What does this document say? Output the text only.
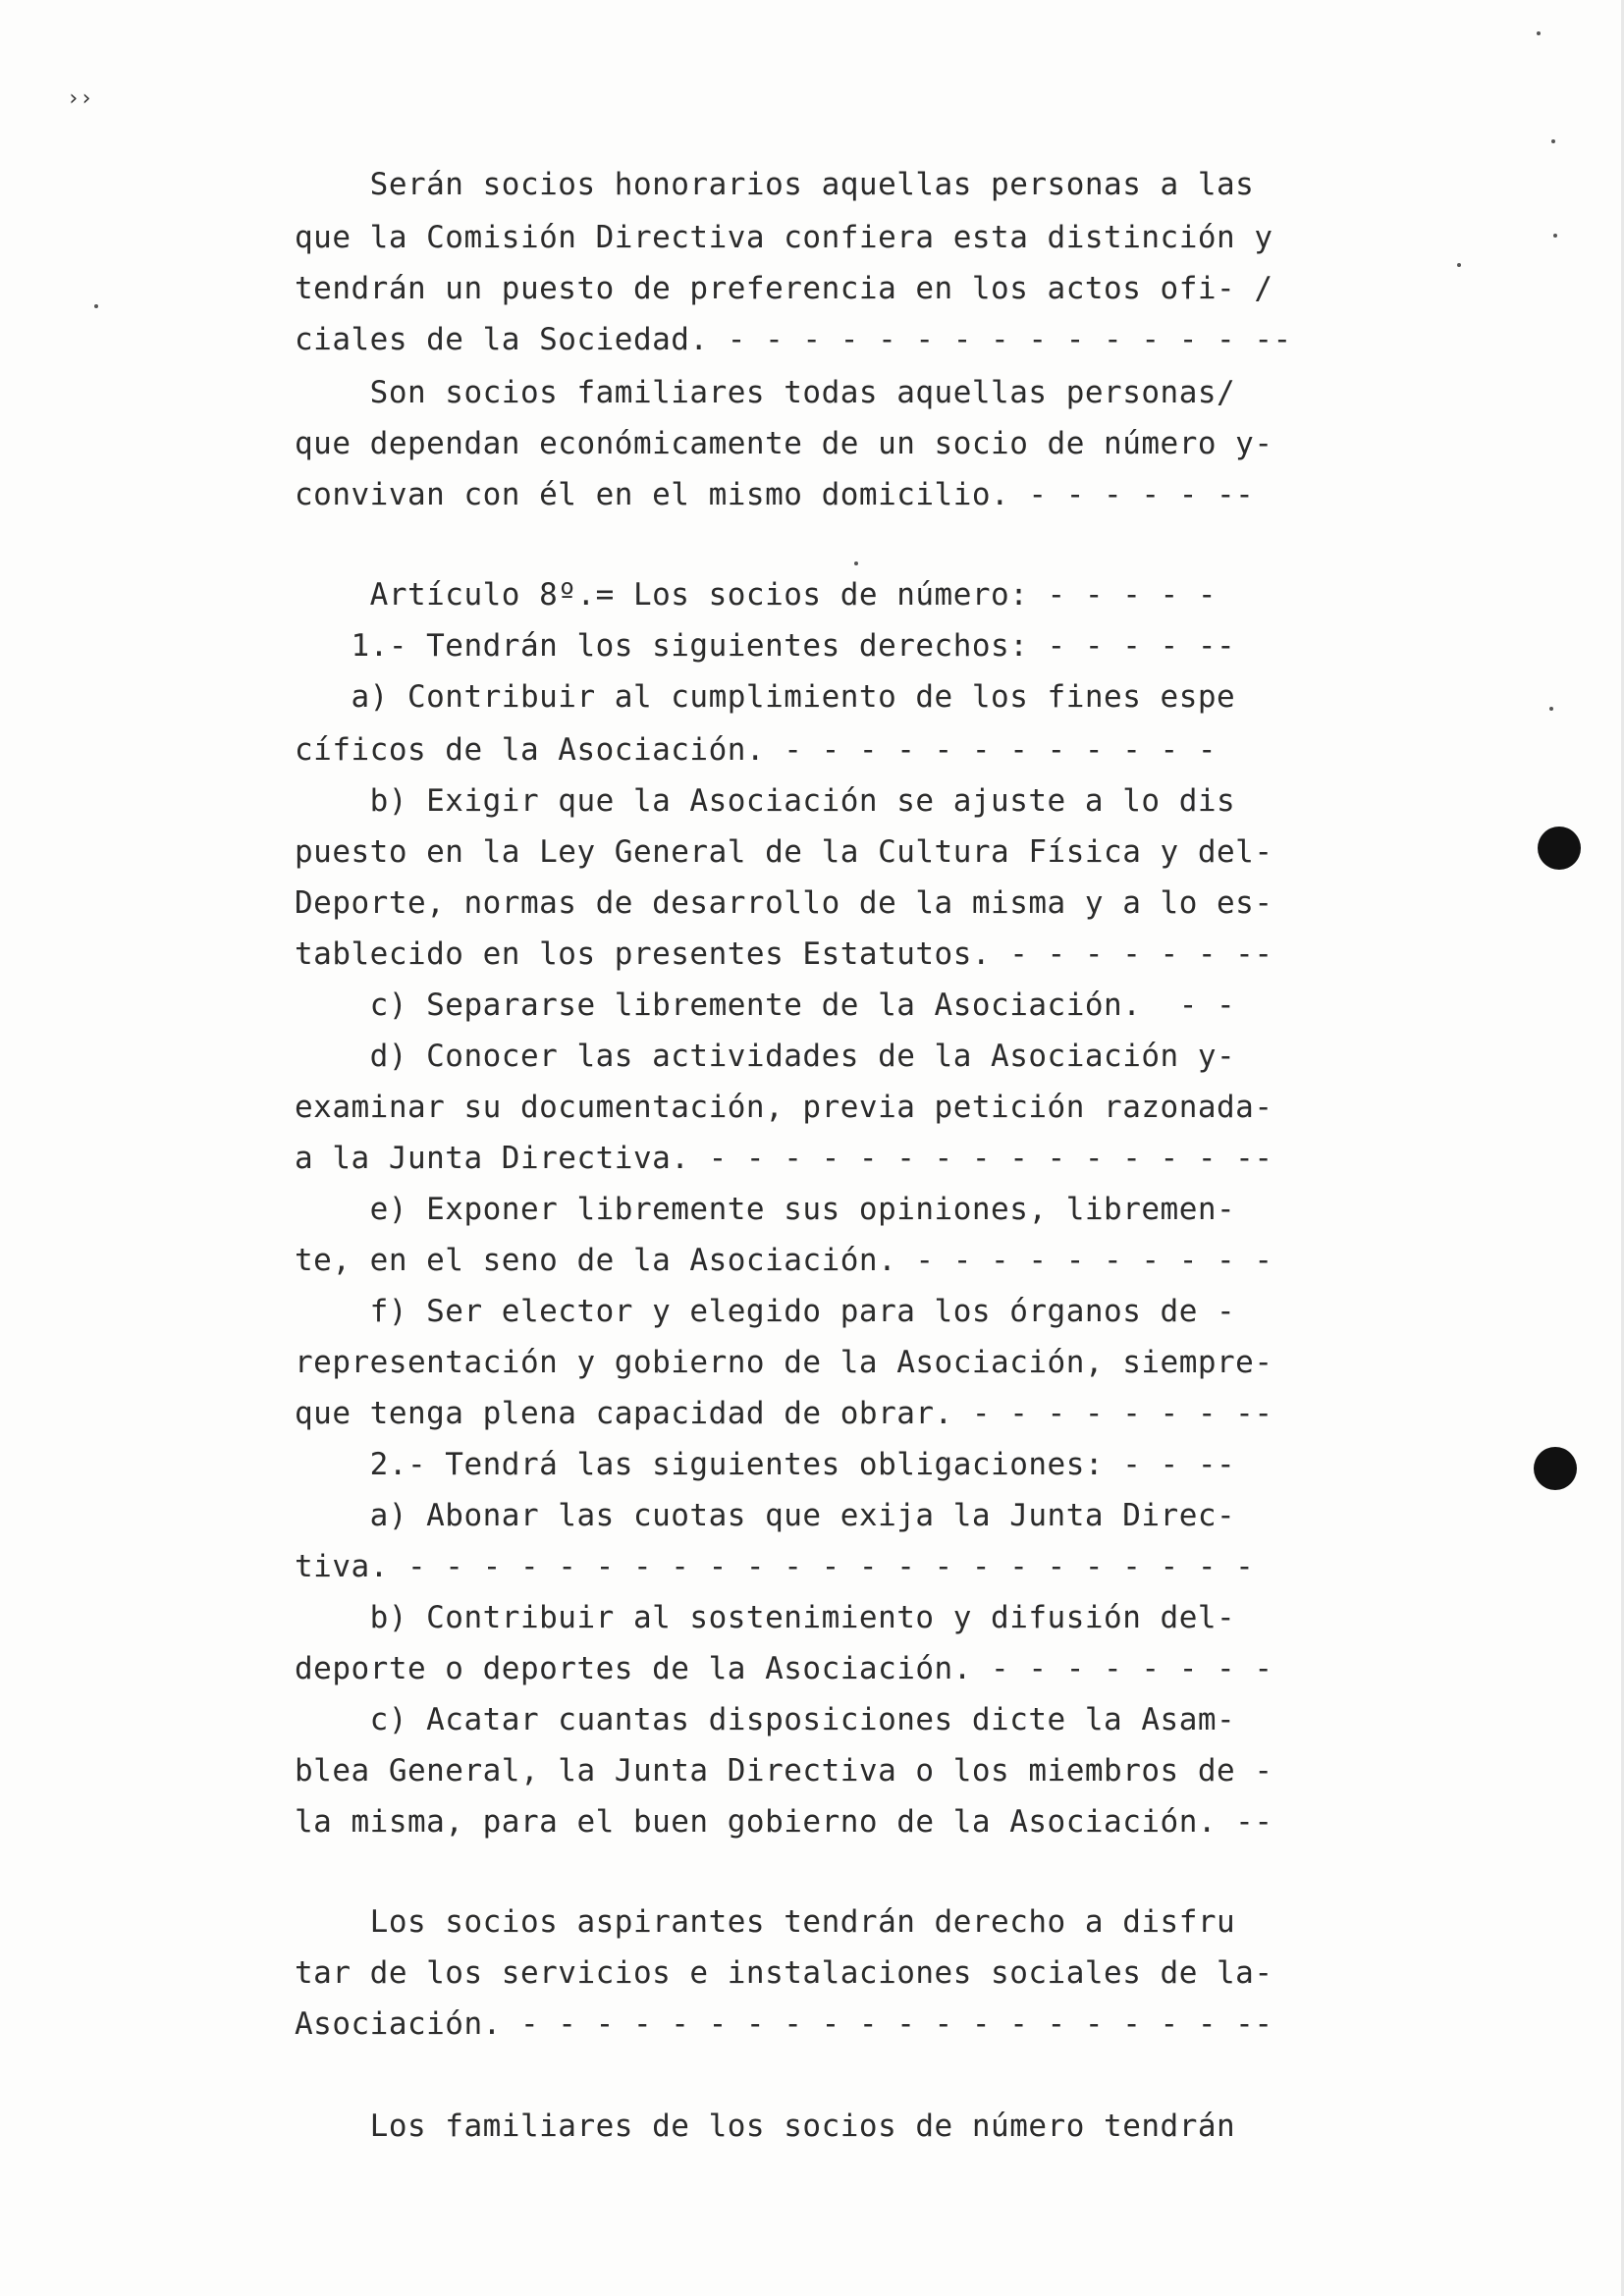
››
Serán socios honorarios aquellas personas a las
que la Comisión Directiva confiera esta distinción y
tendrán un puesto de preferencia en los actos ofi- /
ciales de la Sociedad. - - - - - - - - - - - - - - --
Son socios familiares todas aquellas personas/
que dependan económicamente de un socio de número y-
convivan con él en el mismo domicilio. - - - - - --
Artículo 8º.= Los socios de número: - - - - -
1.- Tendrán los siguientes derechos: - - - - --
a) Contribuir al cumplimiento de los fines espe
cíficos de la Asociación. - - - - - - - - - - - -
b) Exigir que la Asociación se ajuste a lo dis
puesto en la Ley General de la Cultura Física y del-
Deporte, normas de desarrollo de la misma y a lo es-
tablecido en los presentes Estatutos. - - - - - - --
c) Separarse libremente de la Asociación.  - -
d) Conocer las actividades de la Asociación y-
examinar su documentación, previa petición razonada-
a la Junta Directiva. - - - - - - - - - - - - - - --
e) Exponer libremente sus opiniones, libremen-
te, en el seno de la Asociación. - - - - - - - - - -
f) Ser elector y elegido para los órganos de -
representación y gobierno de la Asociación, siempre-
que tenga plena capacidad de obrar. - - - - - - - --
2.- Tendrá las siguientes obligaciones: - - --
a) Abonar las cuotas que exija la Junta Direc-
tiva. - - - - - - - - - - - - - - - - - - - - - - -
b) Contribuir al sostenimiento y difusión del-
deporte o deportes de la Asociación. - - - - - - - -
c) Acatar cuantas disposiciones dicte la Asam-
blea General, la Junta Directiva o los miembros de -
la misma, para el buen gobierno de la Asociación. --
Los socios aspirantes tendrán derecho a disfru
tar de los servicios e instalaciones sociales de la-
Asociación. - - - - - - - - - - - - - - - - - - - --
Los familiares de los socios de número tendrán
